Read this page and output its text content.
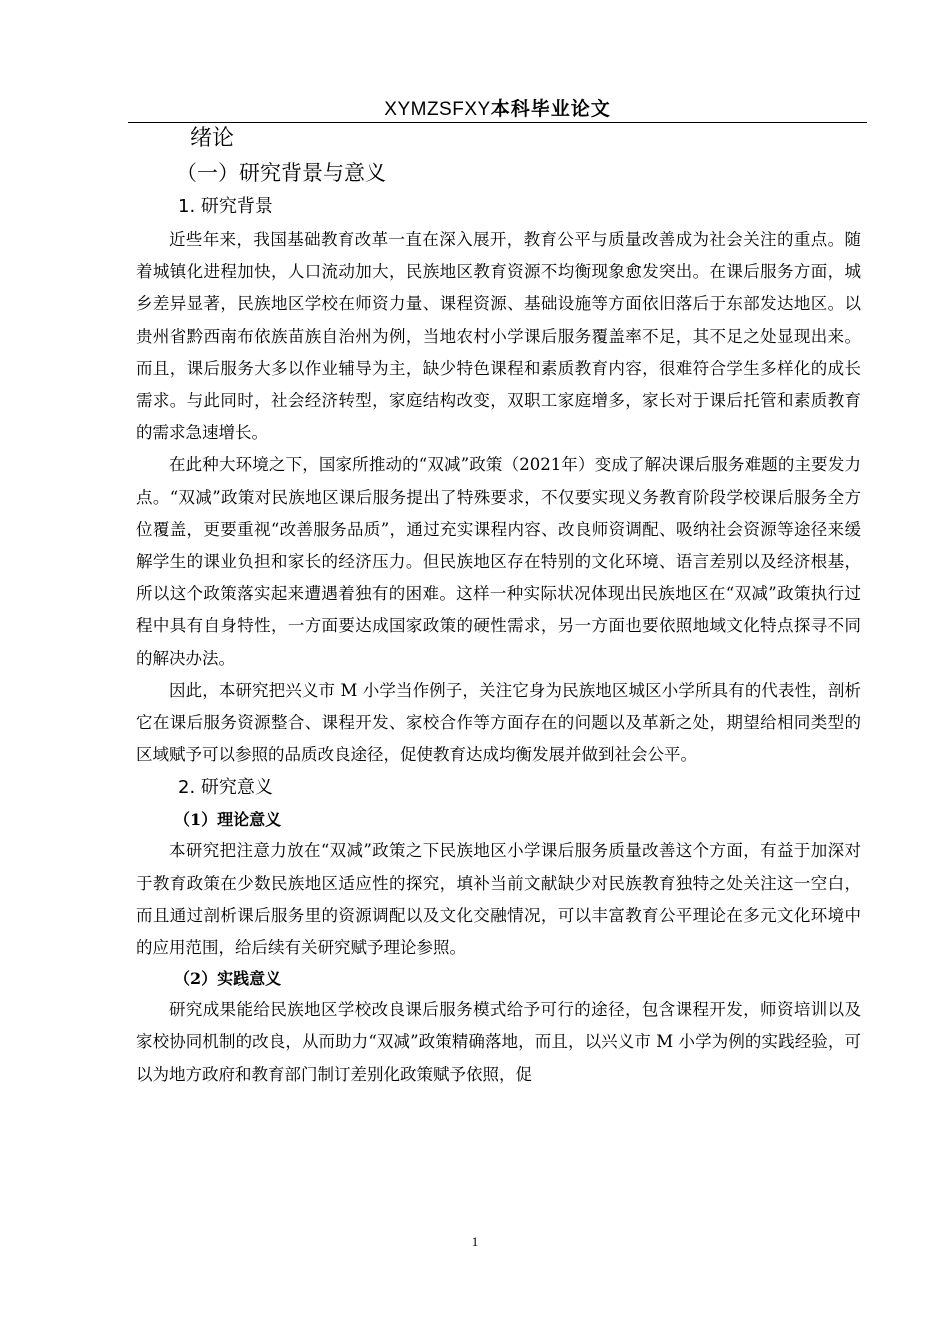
XYMZSFXY本科毕业论文
绪论
（一）研究背景与意义
1. 研究背景

近些年来，我国基础教育改革一直在深入展开，教育公平与质量改善成为社会关注的重点。随着城镇化进程加快，人口流动加大，民族地区教育资源不均衡现象愈发突出。在课后服务方面，城乡差异显著，民族地区学校在师资力量、课程资源、基础设施等方面依旧落后于东部发达地区。以贵州省黔西南布依族苗族自治州为例，当地农村小学课后服务覆盖率不足，其不足之处显现出来。而且，课后服务大多以作业辅导为主，缺少特色课程和素质教育内容，很难符合学生多样化的成长需求。与此同时，社会经济转型，家庭结构改变，双职工家庭增多，家长对于课后托管和素质教育的需求急速增长。

在此种大环境之下，国家所推动的“双减”政策（2021年）变成了解决课后服务难题的主要发力点。“双减”政策对民族地区课后服务提出了特殊要求，不仅要实现义务教育阶段学校课后服务全方位覆盖，更要重视“改善服务品质”，通过充实课程内容、改良师资调配、吸纳社会资源等途径来缓解学生的课业负担和家长的经济压力。但民族地区存在特别的文化环境、语言差别以及经济根基，所以这个政策落实起来遭遇着独有的困难。这样一种实际状况体现出民族地区在“双减”政策执行过程中具有自身特性，一方面要达成国家政策的硬性需求，另一方面也要依照地域文化特点探寻不同的解决办法。

因此，本研究把兴义市 M 小学当作例子，关注它身为民族地区城区小学所具有的代表性，剖析它在课后服务资源整合、课程开发、家校合作等方面存在的问题以及革新之处，期望给相同类型的区域赋予可以参照的品质改良途径，促使教育达成均衡发展并做到社会公平。

2. 研究意义
（1）理论意义

本研究把注意力放在“双减”政策之下民族地区小学课后服务质量改善这个方面，有益于加深对于教育政策在少数民族地区适应性的探究，填补当前文献缺少对民族教育独特之处关注这一空白，而且通过剖析课后服务里的资源调配以及文化交融情况，可以丰富教育公平理论在多元文化环境中的应用范围，给后续有关研究赋予理论参照。

（2）实践意义

研究成果能给民族地区学校改良课后服务模式给予可行的途径，包含课程开发，师资培训以及家校协同机制的改良，从而助力“双减”政策精确落地，而且，以兴义市 M 小学为例的实践经验，可以为地方政府和教育部门制订差别化政策赋予依照，促

1
